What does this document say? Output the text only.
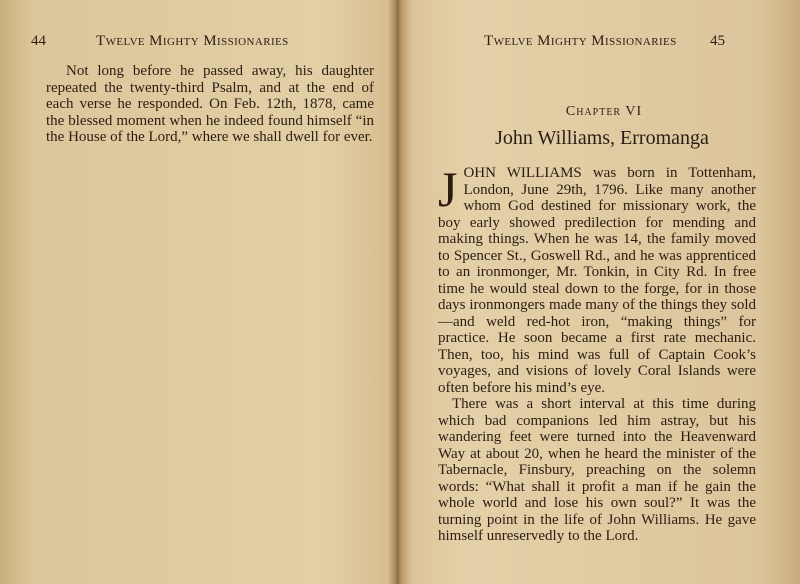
44	Twelve Mighty Missionaries

Not long before he passed away, his daughter repeated the twenty-third Psalm, and at the end of each verse he responded. On Feb. 12th, 1878, came the blessed moment when he indeed found himself “in the House of the Lord,” where we shall dwell for ever.

Twelve Mighty Missionaries 45
Chapter VI
John Williams, Erromanga

JOHN WILLIAMS was born in Tottenham, London, June 29th, 1796. Like many another whom God destined for missionary work, the boy early showed predilection for mending and making things. When he was 14, the family moved to Spencer St., Goswell Rd., and he was apprenticed to an ironmonger, Mr. Tonkin, in City Rd. In free time he would steal down to the forge, for in those days ironmongers made many of the things they sold—and weld red-hot iron, “making things” for practice. He soon became a first rate mechanic. Then, too, his mind was full of Captain Cook’s voyages, and visions of lovely Coral Islands were often before his mind’s eye.

There was a short interval at this time during which bad companions led him astray, but his wandering feet were turned into the Heavenward Way at about 20, when he heard the minister of the Tabernacle, Finsbury, preaching on the solemn words: “What shall it profit a man if he gain the whole world and lose his own soul?” It was the turning point in the life of John Williams. He gave himself unreservedly to the Lord.
